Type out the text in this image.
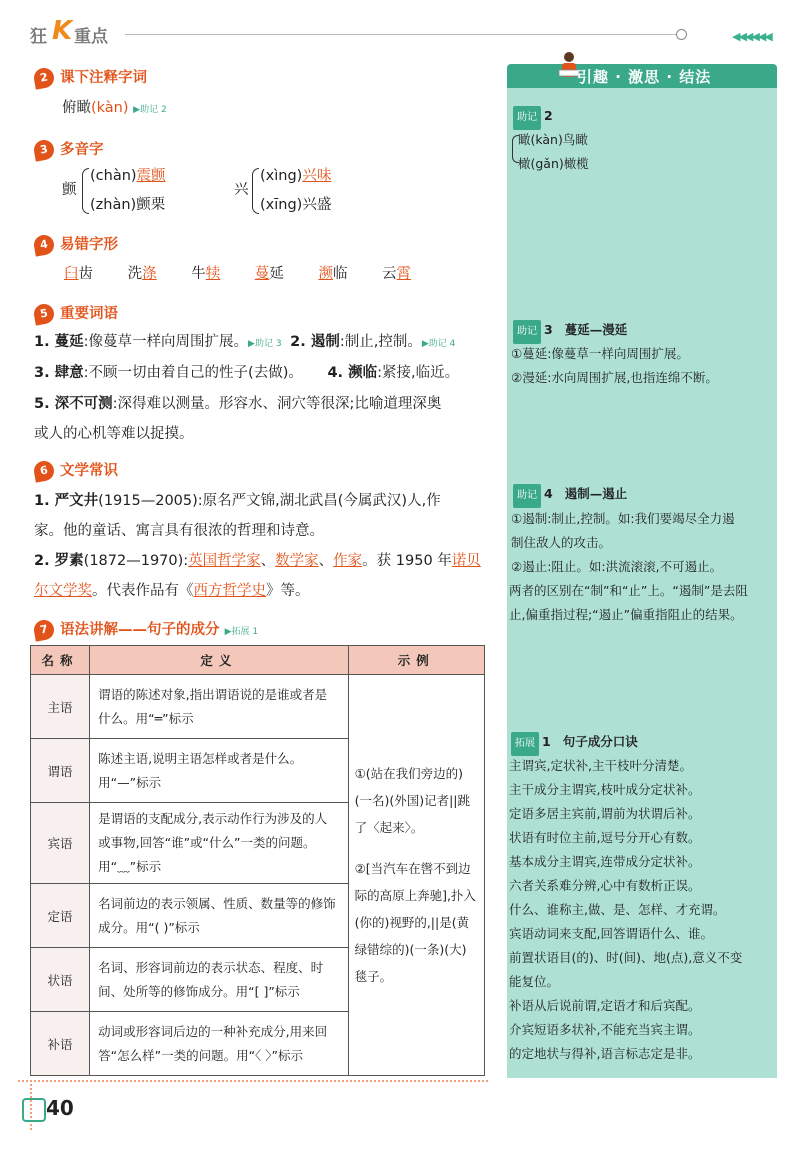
狂 K 重点	◀◀◀◀◀◀
引趣 · 激思 · 结法
助记 2
瞰(kàn)鸟瞰
橄(gǎn)橄榄
助记 3 蔓延—漫延
①蔓延:像蔓草一样向周围扩展。
②漫延:水向周围扩展,也指连绵不断。
助记 4 遏制—遏止
①遏制:制止,控制。如:我们要竭尽全力遏
制住敌人的攻击。
②遏止:阻止。如:洪流滚滚,不可遏止。
两者的区别在“制”和“止”上。“遏制”是去阻
止,偏重指过程;“遏止”偏重指阻止的结果。
拓展 1 句子成分口诀
主谓宾,定状补,主干枝叶分清楚。
主干成分主谓宾,枝叶成分定状补。
定语多居主宾前,谓前为状谓后补。
状语有时位主前,逗号分开心有数。
基本成分主谓宾,连带成分定状补。
六者关系难分辨,心中有数析正误。
什么、谁称主,做、是、怎样、才充谓。
宾语动词来支配,回答谓语什么、谁。
前置状语目(的)、时(间)、地(点),意义不变
能复位。
补语从后说前谓,定语才和后宾配。
介宾短语多状补,不能充当宾主谓。
的定地状与得补,语言标志定是非。
2 课下注释字词
俯瞰(kàn) ▶助记 2
3 多音字
颤
(chàn)震颤
(zhàn)颤栗
兴
(xìng)兴味
(xīng)兴盛
4 易错字形
臼齿 洗涤 牛犊 蔓延 濒临 云霄
5 重要词语
1. 蔓延:像蔓草一样向周围扩展。▶助记 3 2. 遏制:制止,控制。▶助记 4
3. 肆意:不顾一切由着自己的性子(去做)。 4. 濒临:紧接,临近。
5. 深不可测:深得难以测量。形容水、洞穴等很深;比喻道理深奥
或人的心机等难以捉摸。
6 文学常识
1. 严文井(1915—2005):原名严文锦,湖北武昌(今属武汉)人,作
家。他的童话、寓言具有很浓的哲理和诗意。
2. 罗素(1872—1970):英国哲学家、数学家、作家。获 1950 年诺贝
尔文学奖。代表作品有《西方哲学史》等。
7 语法讲解——句子的成分 ▶拓展 1
名称	定义	示例
主语	谓语的陈述对象,指出谓语说的是谁或者是什么。用“═”标示	①(站在我们旁边的)(一名)(外国)记者||跳了〈起来〉。
②[当汽车在辔不到边际的高原上奔驰],扑入(你的)视野的,||是(黄绿错综的)(一条)(大)毯子。

谓语	陈述主语,说明主语怎样或者是什么。用“—”标示	
宾语	是谓语的支配成分,表示动作行为涉及的人或事物,回答“谁”或“什么”一类的问题。用“﹏”标示	
定语	名词前边的表示领属、性质、数量等的修饰成分。用“( )”标示	
状语	名词、形容词前边的表示状态、程度、时间、处所等的修饰成分。用“[ ]”标示	
补语	动词或形容词后边的一种补充成分,用来回答“怎么样”一类的问题。用“〈 〉”标示	
40
